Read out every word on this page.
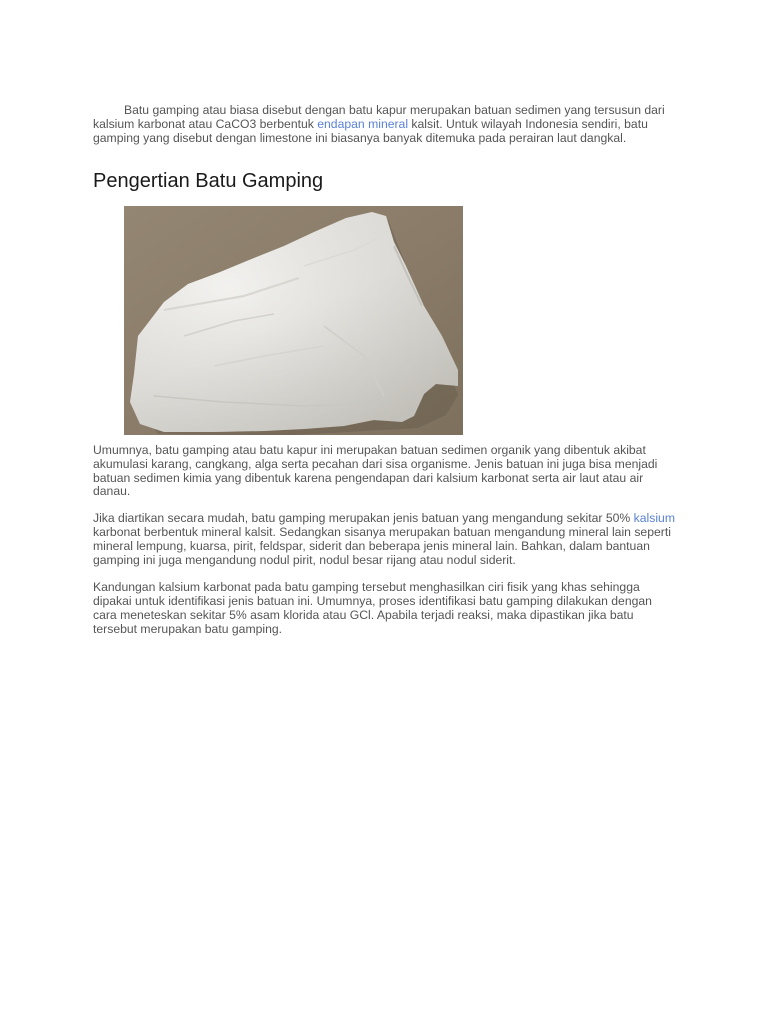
Batu gamping atau biasa disebut dengan batu kapur merupakan batuan sedimen yang tersusun dari kalsium karbonat atau CaCO3 berbentuk endapan mineral kalsit. Untuk wilayah Indonesia sendiri, batu gamping yang disebut dengan limestone ini biasanya banyak ditemuka pada perairan laut dangkal.

Pengertian Batu Gamping

Umumnya, batu gamping atau batu kapur ini merupakan batuan sedimen organik yang dibentuk akibat akumulasi karang, cangkang, alga serta pecahan dari sisa organisme. Jenis batuan ini juga bisa menjadi batuan sedimen kimia yang dibentuk karena pengendapan dari kalsium karbonat serta air laut atau air danau.

Jika diartikan secara mudah, batu gamping merupakan jenis batuan yang mengandung sekitar 50% kalsium karbonat berbentuk mineral kalsit. Sedangkan sisanya merupakan batuan mengandung mineral lain seperti mineral lempung, kuarsa, pirit, feldspar, siderit dan beberapa jenis mineral lain. Bahkan, dalam bantuan gamping ini juga mengandung nodul pirit, nodul besar rijang atau nodul siderit.

Kandungan kalsium karbonat pada batu gamping tersebut menghasilkan ciri fisik yang khas sehingga dipakai untuk identifikasi jenis batuan ini. Umumnya, proses identifikasi batu gamping dilakukan dengan cara meneteskan sekitar 5% asam klorida atau GCl. Apabila terjadi reaksi, maka dipastikan jika batu tersebut merupakan batu gamping.
